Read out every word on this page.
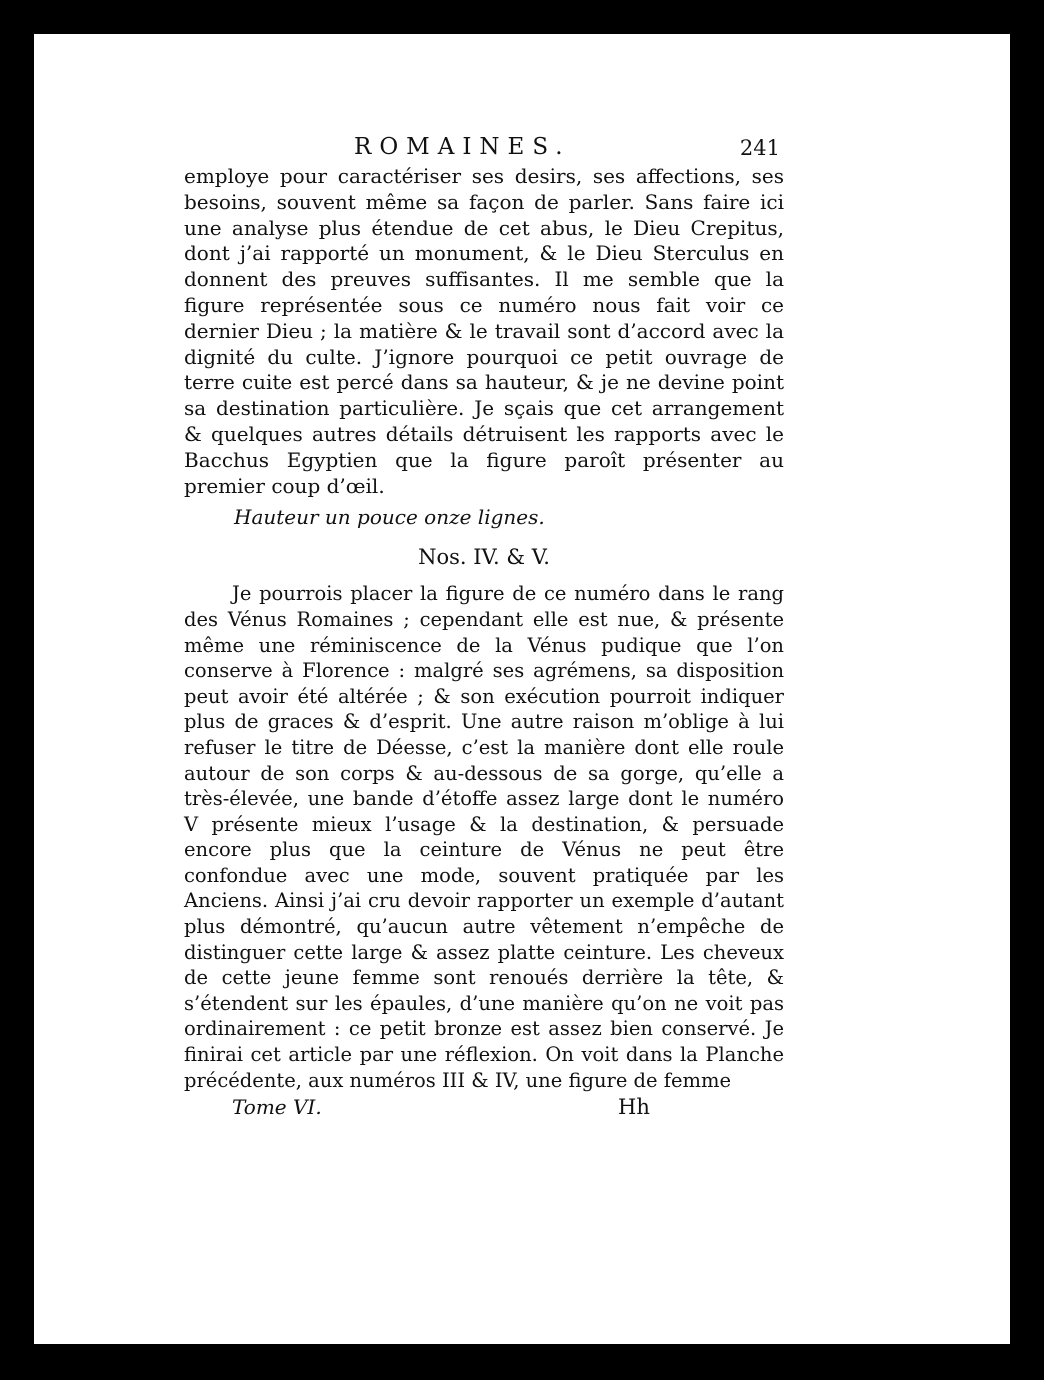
ROMAINES.	241

employe pour caractériser ses desirs, ses affections, ses besoins, souvent même sa façon de parler. Sans faire ici une analyse plus étendue de cet abus, le Dieu Crepitus, dont j’ai rapporté un monument, & le Dieu Sterculus en donnent des preuves suffisantes. Il me semble que la figure représentée sous ce numéro nous fait voir ce dernier Dieu ; la matière & le travail sont d’accord avec la dignité du culte. J’ignore pourquoi ce petit ouvrage de terre cuite est percé dans sa hauteur, & je ne devine point sa destination particulière. Je sçais que cet arrangement & quelques autres détails détruisent les rapports avec le Bacchus Egyptien que la figure paroît présenter au premier coup d’œil.

Hauteur un pouce onze lignes.

Nos. IV. & V.

Je pourrois placer la figure de ce numéro dans le rang des Vénus Romaines ; cependant elle est nue, & présente même une réminiscence de la Vénus pudique que l’on conserve à Florence : malgré ses agrémens, sa disposition peut avoir été altérée ; & son exécution pourroit indiquer plus de graces & d’esprit. Une autre raison m’oblige à lui refuser le titre de Déesse, c’est la manière dont elle roule autour de son corps & au-dessous de sa gorge, qu’elle a très-élevée, une bande d’étoffe assez large dont le numéro V présente mieux l’usage & la destination, & persuade encore plus que la ceinture de Vénus ne peut être confondue avec une mode, souvent pratiquée par les Anciens. Ainsi j’ai cru devoir rapporter un exemple d’autant plus démontré, qu’aucun autre vêtement n’empêche de distinguer cette large & assez platte ceinture. Les cheveux de cette jeune femme sont renoués derrière la tête, & s’étendent sur les épaules, d’une manière qu’on ne voit pas ordinairement : ce petit bronze est assez bien conservé. Je finirai cet article par une réflexion. On voit dans la Planche précédente, aux numéros III & IV, une figure de femme

Tome VI.	Hh
